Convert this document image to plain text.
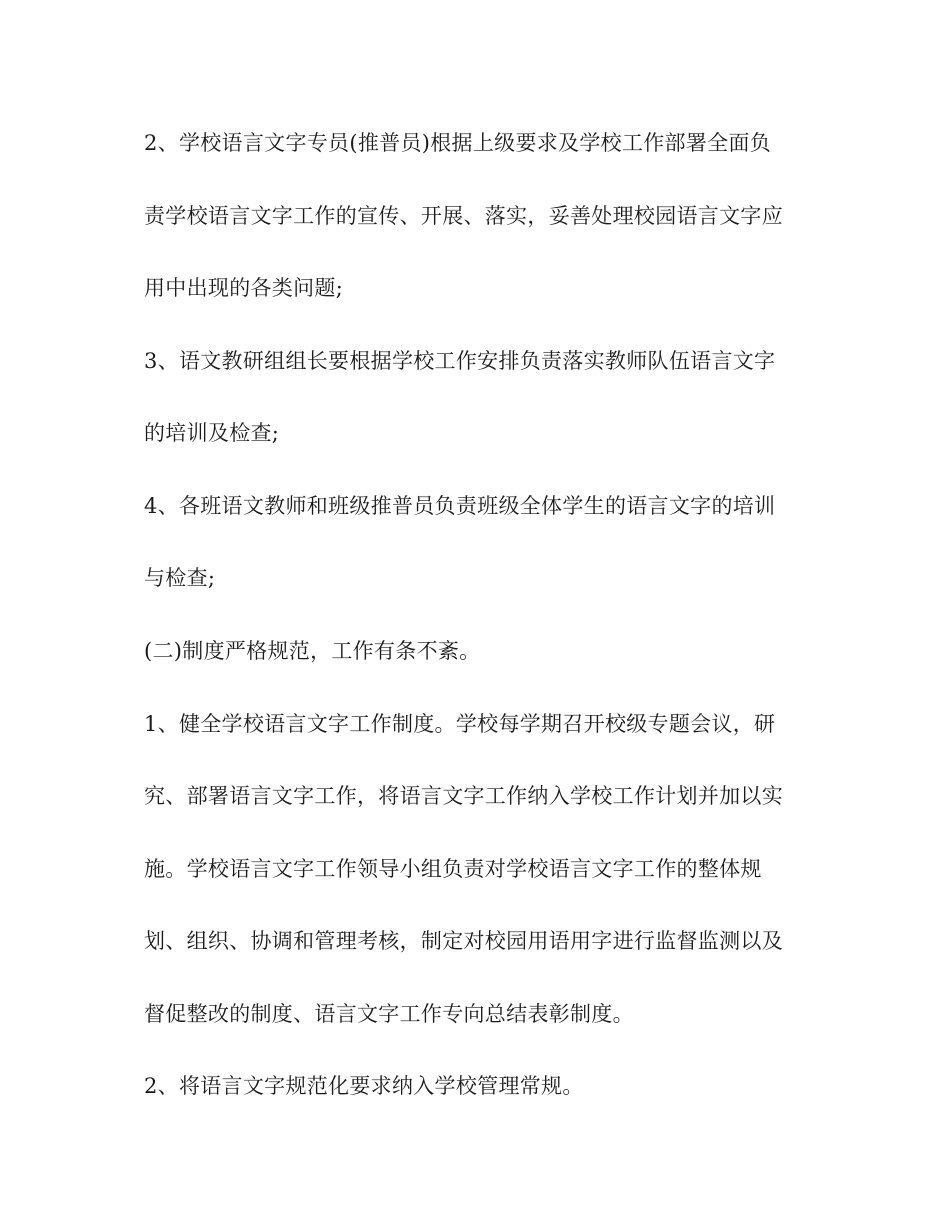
2、学校语言文字专员(推普员)根据上级要求及学校工作部署全面负
责学校语言文字工作的宣传、开展、落实，妥善处理校园语言文字应
用中出现的各类问题;
3、语文教研组组长要根据学校工作安排负责落实教师队伍语言文字
的培训及检查;
4、各班语文教师和班级推普员负责班级全体学生的语言文字的培训
与检查;
(二)制度严格规范，工作有条不紊。
1、健全学校语言文字工作制度。学校每学期召开校级专题会议，研
究、部署语言文字工作，将语言文字工作纳入学校工作计划并加以实
施。学校语言文字工作领导小组负责对学校语言文字工作的整体规
划、组织、协调和管理考核，制定对校园用语用字进行监督监测以及
督促整改的制度、语言文字工作专向总结表彰制度。
2、将语言文字规范化要求纳入学校管理常规。
